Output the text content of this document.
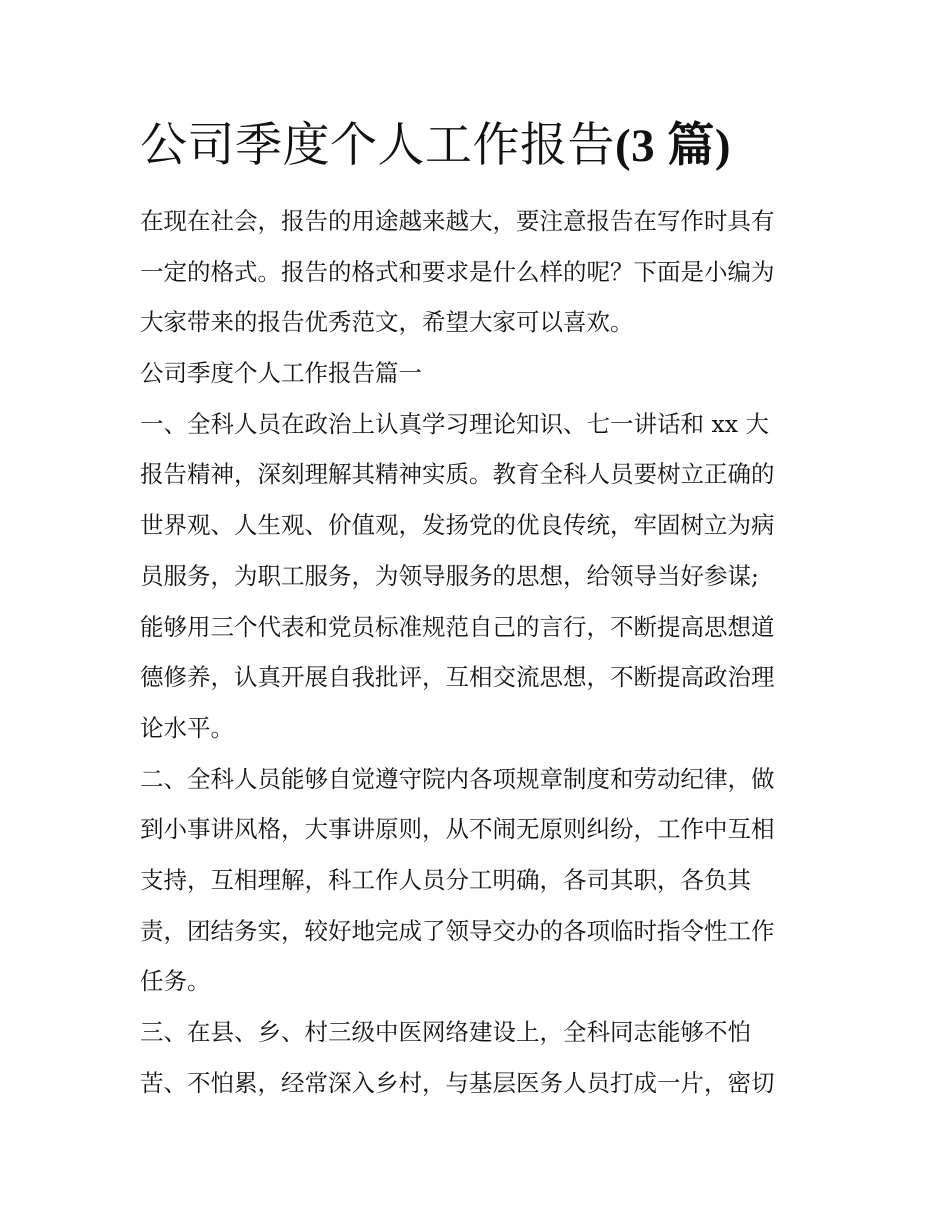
公司季度个人工作报告(3 篇)
在现在社会，报告的用途越来越大，要注意报告在写作时具有
一定的格式。报告的格式和要求是什么样的呢？下面是小编为
大家带来的报告优秀范文，希望大家可以喜欢。
公司季度个人工作报告篇一
一、全科人员在政治上认真学习理论知识、七一讲话和 xx 大
报告精神，深刻理解其精神实质。教育全科人员要树立正确的
世界观、人生观、价值观，发扬党的优良传统，牢固树立为病
员服务，为职工服务，为领导服务的思想，给领导当好参谋;
能够用三个代表和党员标准规范自己的言行，不断提高思想道
德修养，认真开展自我批评，互相交流思想，不断提高政治理
论水平。
二、全科人员能够自觉遵守院内各项规章制度和劳动纪律，做
到小事讲风格，大事讲原则，从不闹无原则纠纷，工作中互相
支持，互相理解，科工作人员分工明确，各司其职，各负其
责，团结务实，较好地完成了领导交办的各项临时指令性工作
任务。
三、在县、乡、村三级中医网络建设上，全科同志能够不怕
苦、不怕累，经常深入乡村，与基层医务人员打成一片，密切
